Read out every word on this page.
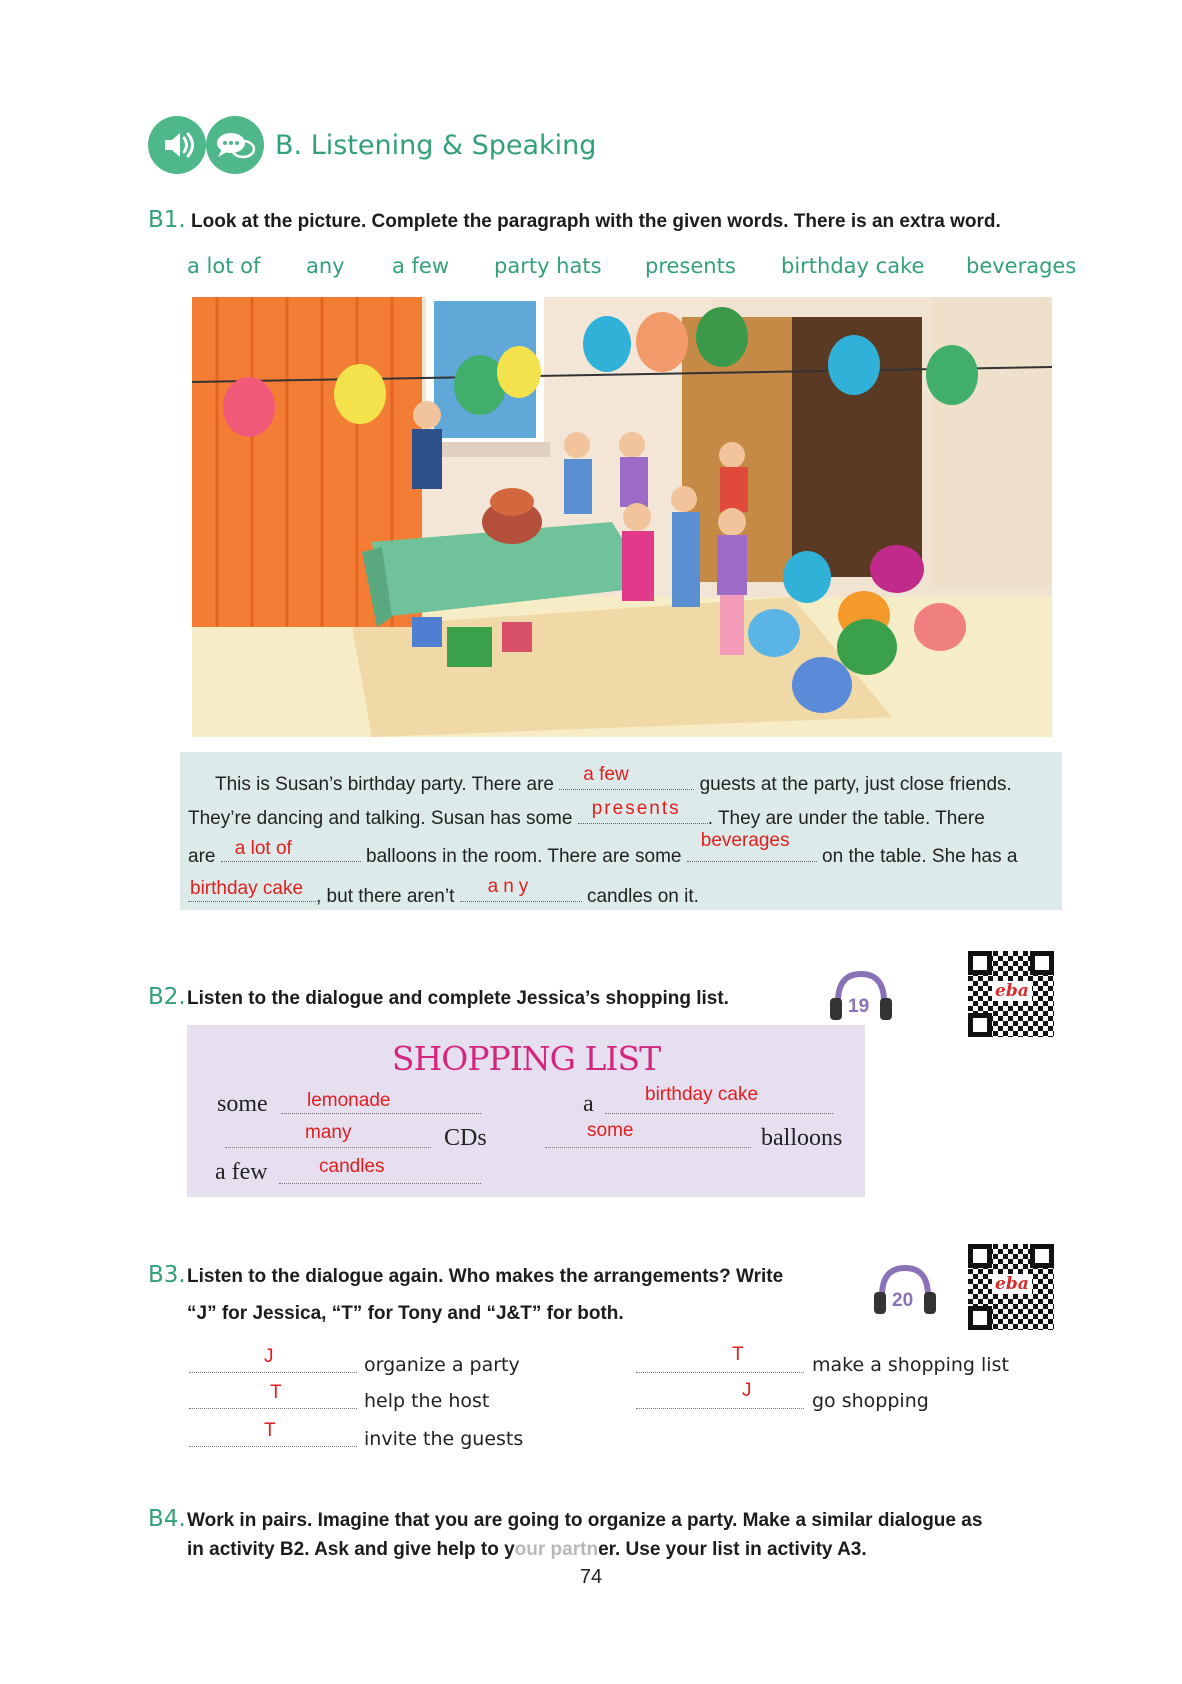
B. Listening & Speaking
B1. Look at the picture. Complete the paragraph with the given words. There is an extra word.
a lot of any a few party hats presents birthday cake beverages
This is Susan’s birthday party. There are a few	guests at the party, just close friends.
They’re dancing and talking. Susan has some presents . They are under the table. There
are a lot of	balloons in the room. There are some
beverages
on the table. She has a
birthday cake , but there aren’t any	candles on it.
B2. Listen to the dialogue and complete Jessica’s shopping list.	19
eba
SHOPPING LIST
some lemonade	a	birthday cake
many	CDs	some	balloons
a few	candles
B3. Listen to the dialogue again. Who makes the arrangements? Write
“J” for Jessica, “T” for Tony and “J&T” for both.
20
eba
J	organize a party
T	help the host
T	invite the guests
T	make a shopping list
J	go shopping
B4. Work in pairs. Imagine that you are going to organize a party. Make a similar dialogue as
in activity B2. Ask and give help to your partner. Use your list in activity A3.
74
